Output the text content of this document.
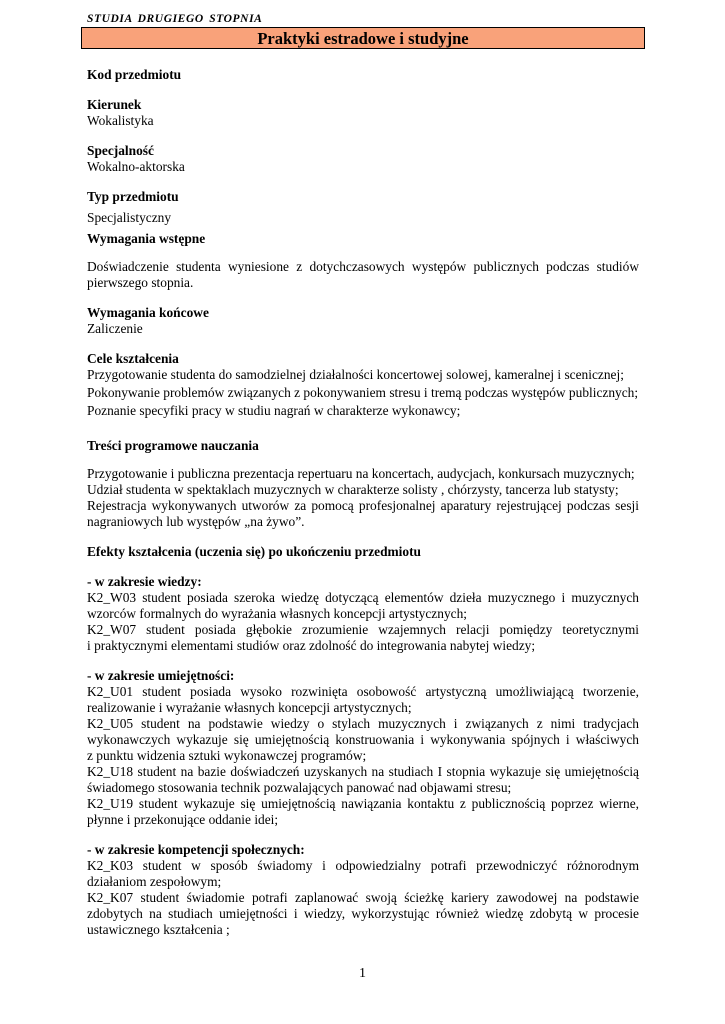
STUDIA DRUGIEGO STOPNIA
Praktyki estradowe i studyjne

Kod przedmiotu

Kierunek

Wokalistyka

Specjalność

Wokalno-aktorska

Typ przedmiotu

Specjalistyczny

Wymagania wstępne

Doświadczenie studenta wyniesione z dotychczasowych występów publicznych podczas studiów

pierwszego stopnia.

Wymagania końcowe

Zaliczenie

Cele kształcenia

Przygotowanie studenta do samodzielnej działalności koncertowej solowej, kameralnej i scenicznej;

Pokonywanie problemów związanych z pokonywaniem stresu i tremą podczas występów publicznych;

Poznanie specyfiki pracy w studiu nagrań w charakterze wykonawcy;

Treści programowe nauczania

Przygotowanie i publiczna prezentacja repertuaru na koncertach, audycjach, konkursach muzycznych;

Udział studenta w spektaklach muzycznych w charakterze solisty , chórzysty, tancerza lub statysty;

Rejestracja wykonywanych utworów za pomocą profesjonalnej aparatury rejestrującej podczas sesji

nagraniowych lub występów „na żywo”.

Efekty kształcenia (uczenia się) po ukończeniu przedmiotu

- w zakresie wiedzy:

K2_W03 student posiada szeroka wiedzę dotyczącą elementów dzieła muzycznego i muzycznych

wzorców formalnych do wyrażania własnych koncepcji artystycznych;

K2_W07 student posiada głębokie zrozumienie wzajemnych relacji pomiędzy teoretycznymi

i praktycznymi elementami studiów oraz zdolność do integrowania nabytej wiedzy;

- w zakresie umiejętności:

K2_U01 student posiada wysoko rozwinięta osobowość artystyczną umożliwiającą tworzenie,

realizowanie i wyrażanie własnych koncepcji artystycznych;

K2_U05 student na podstawie wiedzy o stylach muzycznych i związanych z nimi tradycjach

wykonawczych wykazuje się umiejętnością konstruowania i wykonywania spójnych i właściwych

z punktu widzenia sztuki wykonawczej programów;

K2_U18 student na bazie doświadczeń uzyskanych na studiach I stopnia wykazuje się umiejętnością

świadomego stosowania technik pozwalających panować nad objawami stresu;

K2_U19 student wykazuje się umiejętnością nawiązania kontaktu z publicznością poprzez wierne,

płynne i przekonujące oddanie idei;

- w zakresie kompetencji społecznych:

K2_K03 student w sposób świadomy i odpowiedzialny potrafi przewodniczyć różnorodnym

działaniom zespołowym;

K2_K07 student świadomie potrafi zaplanować swoją ścieżkę kariery zawodowej na podstawie

zdobytych na studiach umiejętności i wiedzy, wykorzystując również wiedzę zdobytą w procesie

ustawicznego kształcenia ;

1
